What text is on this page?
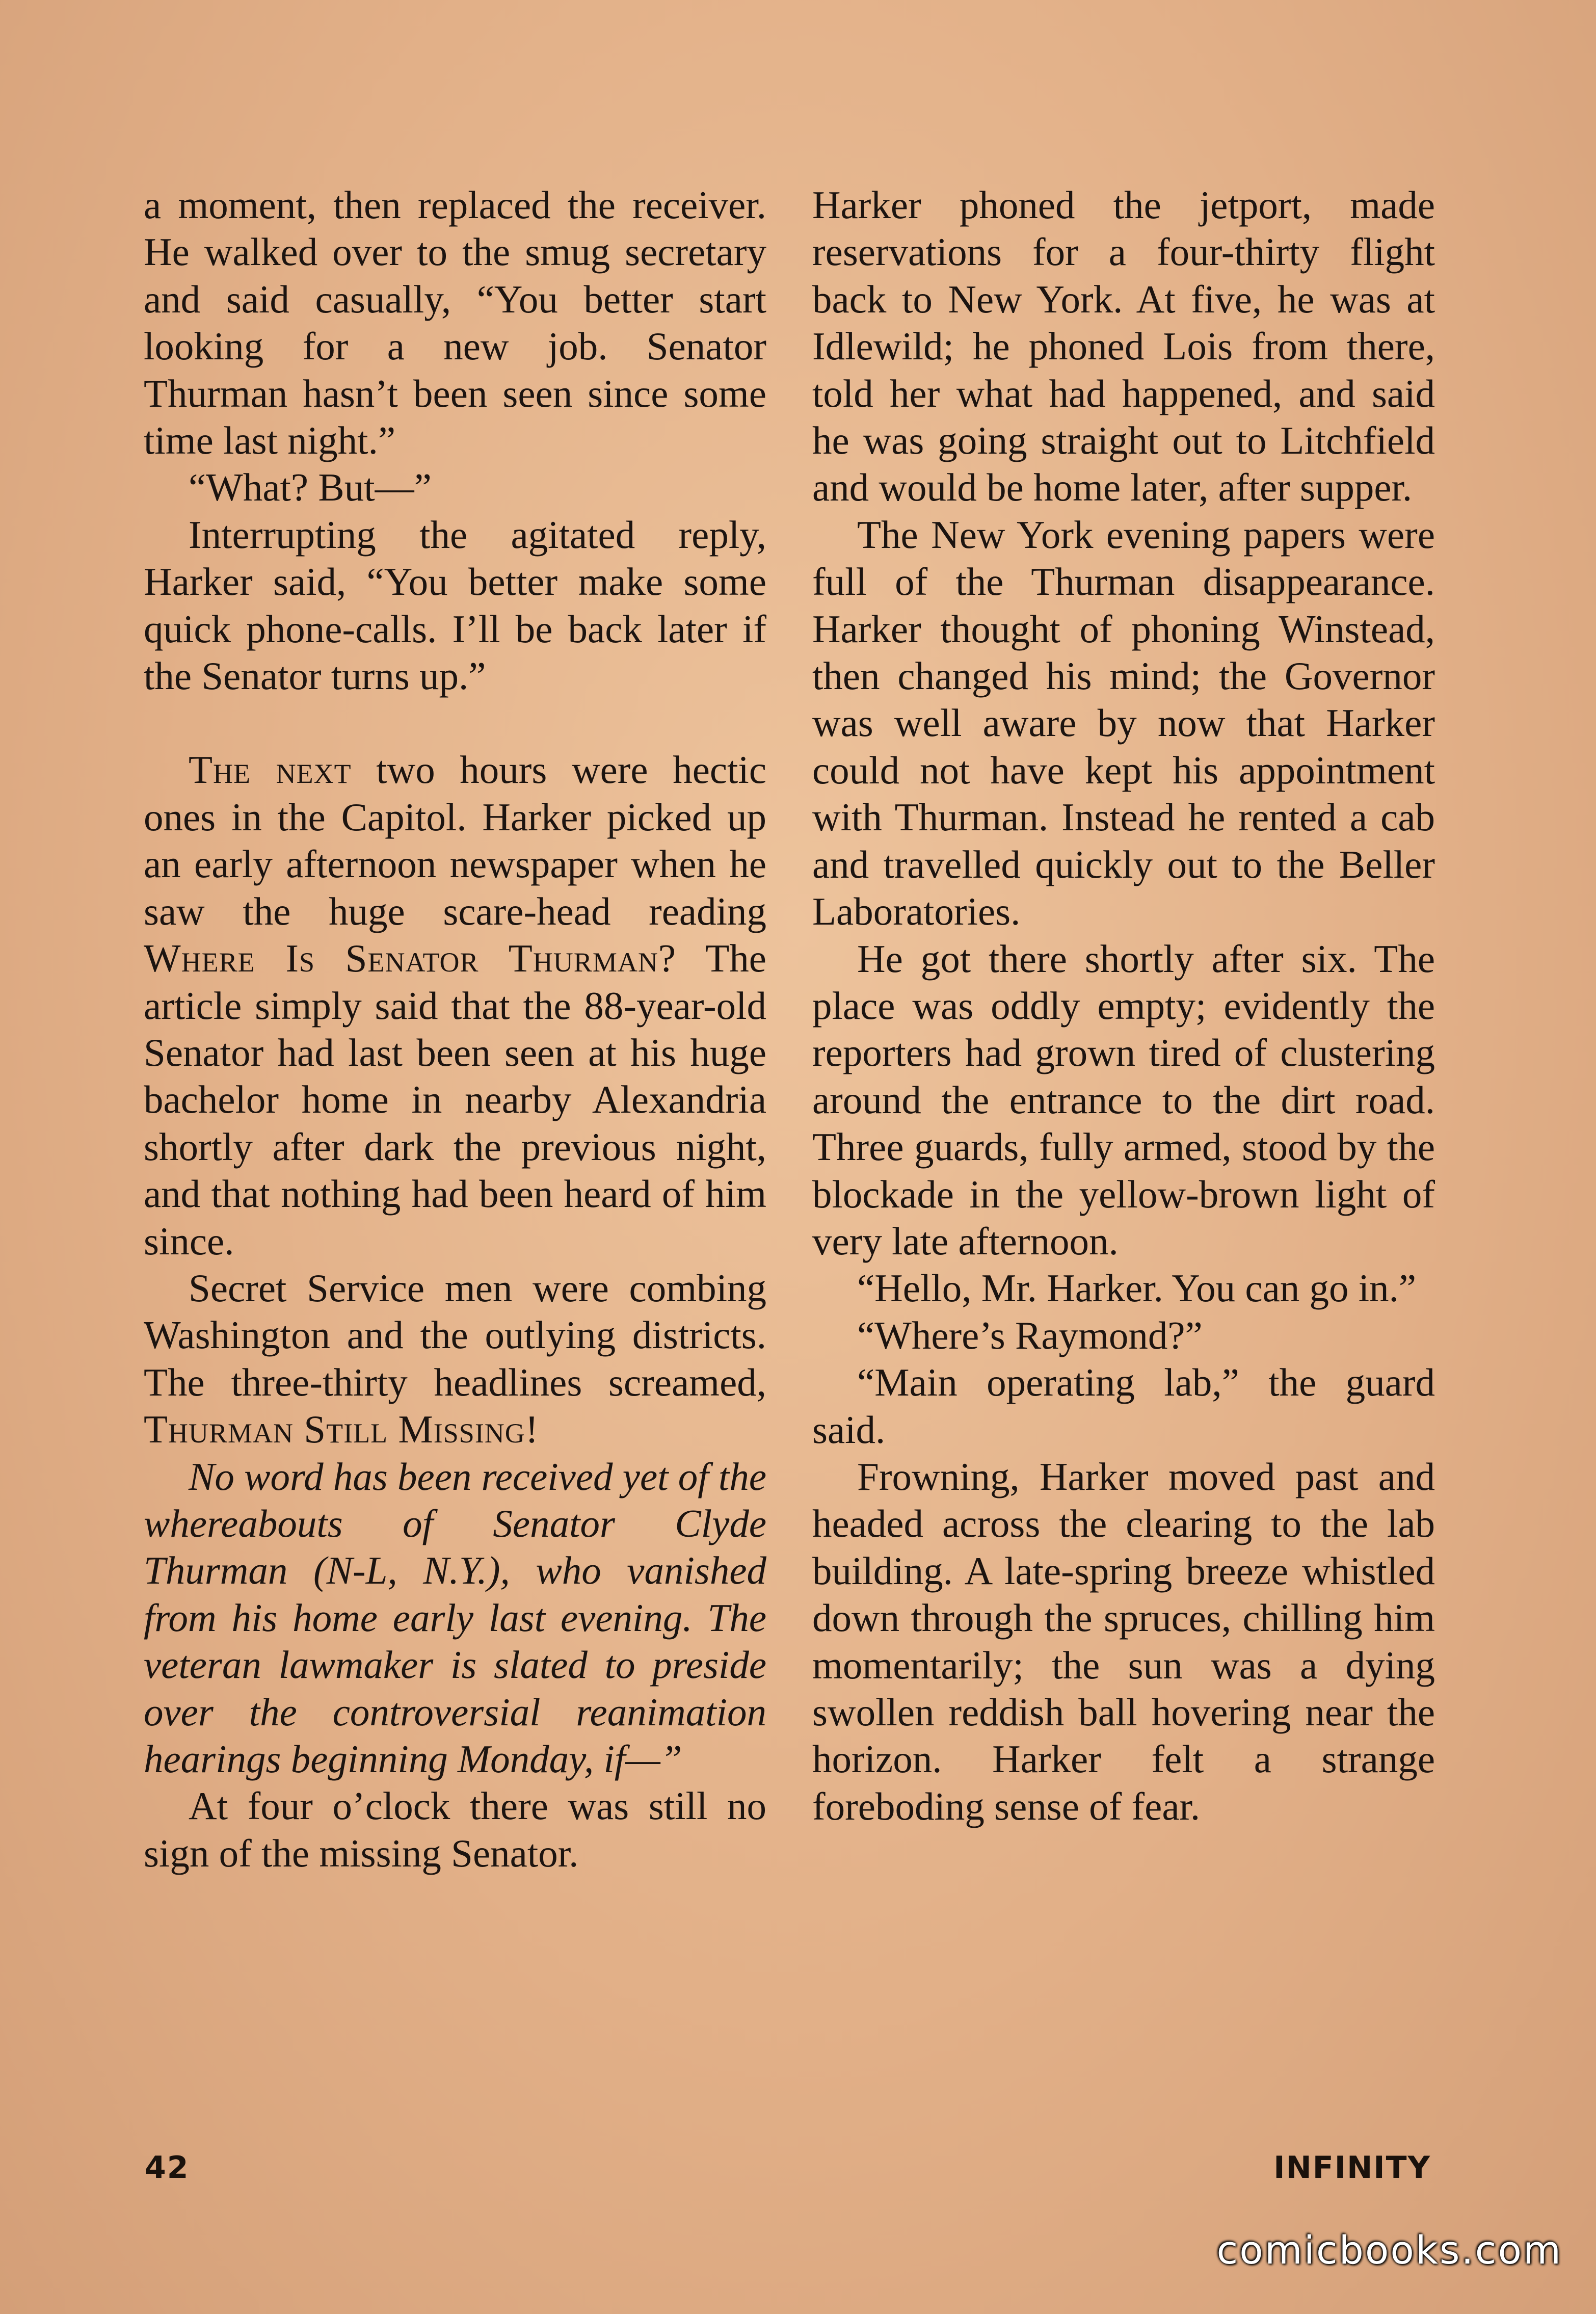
a moment, then replaced the receiver. He walked over to the smug secretary and said casually, “You better start looking for a new job. Senator Thurman hasn’t been seen since some time last night.”

“What? But—”

Interrupting the agitated reply, Harker said, “You better make some quick phone-calls. I’ll be back later if the Senator turns up.”

The next two hours were hectic ones in the Capitol. Harker picked up an early afternoon newspaper when he saw the huge scare-head reading Where Is Senator Thurman? The article simply said that the 88-year-old Senator had last been seen at his huge bachelor home in nearby Alexandria shortly after dark the previous night, and that nothing had been heard of him since.

Secret Service men were combing Washington and the outlying districts. The three-thirty headlines screamed, Thurman Still Missing!

No word has been received yet of the whereabouts of Senator Clyde Thurman (N-L, N.Y.), who vanished from his home early last evening. The veteran lawmaker is slated to preside over the controversial reanimation hearings beginning Monday, if—”

At four o’clock there was still no sign of the missing Senator.

Harker phoned the jetport, made reservations for a four-thirty flight back to New York. At five, he was at Idlewild; he phoned Lois from there, told her what had happened, and said he was going straight out to Litchfield and would be home later, after supper.

The New York evening papers were full of the Thurman disappearance. Harker thought of phoning Winstead, then changed his mind; the Governor was well aware by now that Harker could not have kept his appointment with Thurman. Instead he rented a cab and travelled quickly out to the Beller Laboratories.

He got there shortly after six. The place was oddly empty; evidently the reporters had grown tired of clustering around the entrance to the dirt road. Three guards, fully armed, stood by the blockade in the yellow-brown light of very late afternoon.

“Hello, Mr. Harker. You can go in.”

“Where’s Raymond?”

“Main operating lab,” the guard said.

Frowning, Harker moved past and headed across the clearing to the lab building. A late-spring breeze whistled down through the spruces, chilling him momentarily; the sun was a dying swollen reddish ball hovering near the horizon. Harker felt a strange foreboding sense of fear.

42	INFINITY
comicbooks.com
